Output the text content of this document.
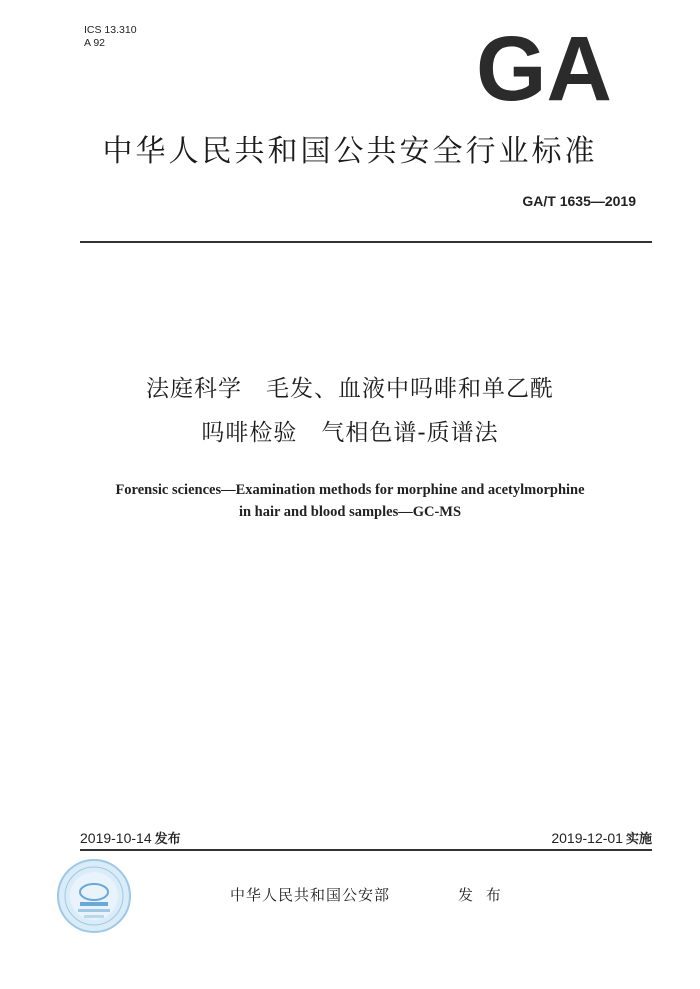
ICS 13.310
A 92	GA
中华人民共和国公共安全行业标准
GA/T 1635—2019
法庭科学　毛发、血液中吗啡和单乙酰
吗啡检验　气相色谱-质谱法
Forensic sciences—Examination methods for morphine and acetylmorphine
in hair and blood samples—GC-MS
2019-10-14 发布	2019-12-01 实施
中华人民共和国公安部	发 布
